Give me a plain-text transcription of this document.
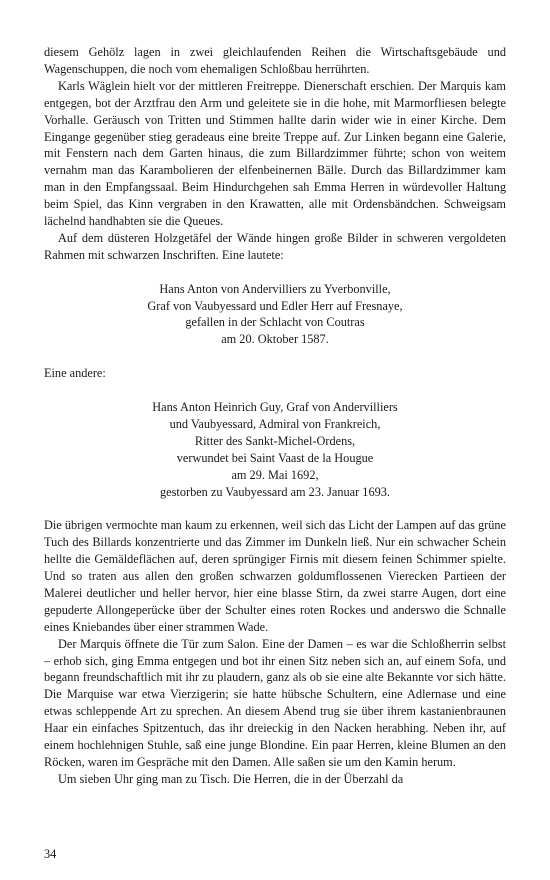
diesem Gehölz lagen in zwei gleichlaufenden Reihen die Wirtschaftsgebäude und Wagenschuppen, die noch vom ehemaligen Schloßbau herrührten.

Karls Wäglein hielt vor der mittleren Freitreppe. Dienerschaft erschien. Der Marquis kam entgegen, bot der Arztfrau den Arm und geleitete sie in die hohe, mit Marmorfliesen belegte Vorhalle. Geräusch von Tritten und Stimmen hallte darin wider wie in einer Kirche. Dem Eingange gegenüber stieg geradeaus eine breite Treppe auf. Zur Linken begann eine Galerie, mit Fenstern nach dem Garten hinaus, die zum Billardzimmer führte; schon von weitem vernahm man das Karambolieren der elfenbeinernen Bälle. Durch das Billardzimmer kam man in den Empfangssaal. Beim Hindurchgehen sah Emma Herren in würdevoller Haltung beim Spiel, das Kinn vergraben in den Krawatten, alle mit Ordensbändchen. Schweigsam lächelnd handhabten sie die Queues.

Auf dem düsteren Holzgetäfel der Wände hingen große Bilder in schweren vergoldeten Rahmen mit schwarzen Inschriften. Eine lautete:

Hans Anton von Andervilliers zu Yverbonville,
Graf von Vaubyessard und Edler Herr auf Fresnaye,
gefallen in der Schlacht von Coutras
am 20. Oktober 1587.

Eine andere:

Hans Anton Heinrich Guy, Graf von Andervilliers
und Vaubyessard, Admiral von Frankreich,
Ritter des Sankt-Michel-Ordens,
verwundet bei Saint Vaast de la Hougue
am 29. Mai 1692,
gestorben zu Vaubyessard am 23. Januar 1693.

Die übrigen vermochte man kaum zu erkennen, weil sich das Licht der Lampen auf das grüne Tuch des Billards konzentrierte und das Zimmer im Dunkeln ließ. Nur ein schwacher Schein hellte die Gemäldeflächen auf, deren sprüngiger Firnis mit diesem feinen Schimmer spielte. Und so traten aus allen den großen schwarzen goldumflossenen Vierecken Partieen der Malerei deutlicher und heller hervor, hier eine blasse Stirn, da zwei starre Augen, dort eine gepuderte Allongeperücke über der Schulter eines roten Rockes und anderswo die Schnalle eines Kniebandes über einer strammen Wade.

Der Marquis öffnete die Tür zum Salon. Eine der Damen – es war die Schloßherrin selbst – erhob sich, ging Emma entgegen und bot ihr einen Sitz neben sich an, auf einem Sofa, und begann freundschaftlich mit ihr zu plaudern, ganz als ob sie eine alte Bekannte vor sich hätte. Die Marquise war etwa Vierzigerin; sie hatte hübsche Schultern, eine Adlernase und eine etwas schleppende Art zu sprechen. An diesem Abend trug sie über ihrem kastanienbraunen Haar ein einfaches Spitzentuch, das ihr dreieckig in den Nacken herabhing. Neben ihr, auf einem hochlehnigen Stuhle, saß eine junge Blondine. Ein paar Herren, kleine Blumen an den Röcken, waren im Gespräche mit den Damen. Alle saßen sie um den Kamin herum.

Um sieben Uhr ging man zu Tisch. Die Herren, die in der Überzahl da

34
